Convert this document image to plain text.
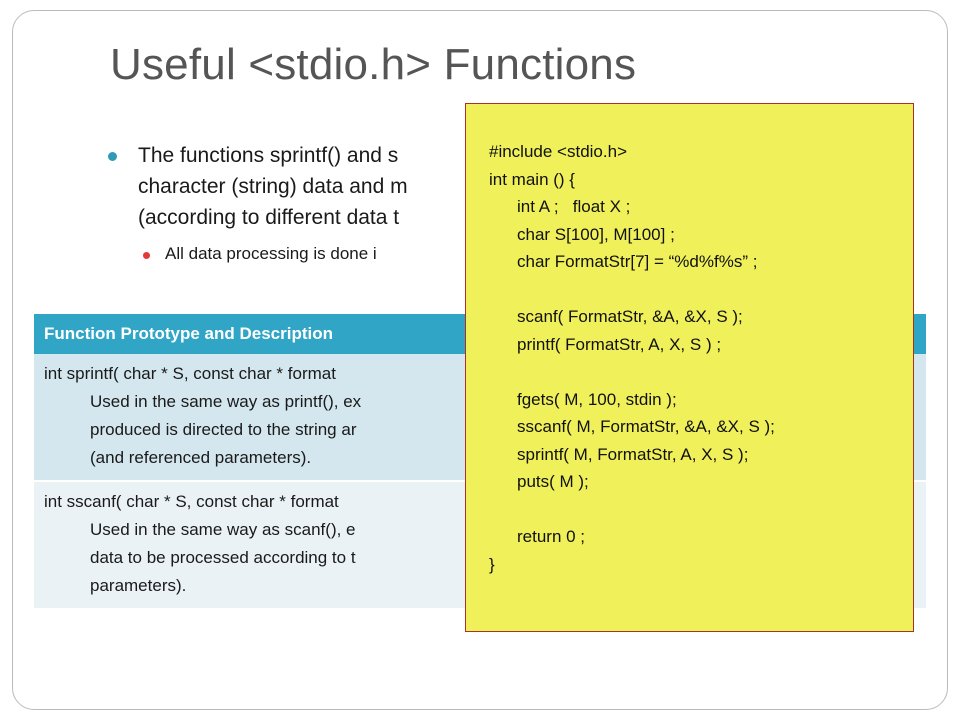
Useful <stdio.h> Functions
The functions sprintf() and s
character (string) data and m
(according to different data t
All data processing is done i
Function Prototype and Description
int sprintf( char * S, const char * format
Used in the same way as printf(), ex
produced is directed to the string ar
(and referenced parameters).
int sscanf( char * S, const char * format
Used in the same way as scanf(), e
data to be processed according to t
parameters).
#include <stdio.h>
int main () {
int A ;   float X ;
char S[100], M[100] ;
char FormatStr[7] = “%d%f%s” ;
scanf( FormatStr, &A, &X, S );
printf( FormatStr, A, X, S ) ;
fgets( M, 100, stdin );
sscanf( M, FormatStr, &A, &X, S );
sprintf( M, FormatStr, A, X, S );
puts( M );
return 0 ;
}
